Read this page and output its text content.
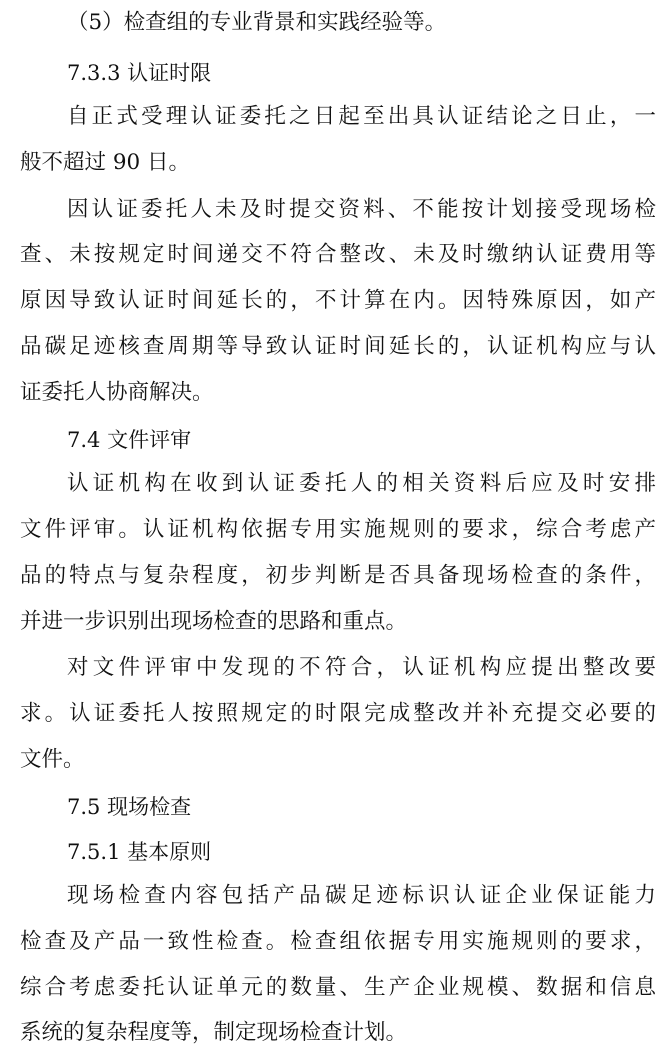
（5）检查组的专业背景和实践经验等。
7.3.3 认证时限
自正式受理认证委托之日起至出具认证结论之日止，一
般不超过 90 日。
因认证委托人未及时提交资料、不能按计划接受现场检
查、未按规定时间递交不符合整改、未及时缴纳认证费用等
原因导致认证时间延长的，不计算在内。因特殊原因，如产
品碳足迹核查周期等导致认证时间延长的，认证机构应与认
证委托人协商解决。
7.4 文件评审
认证机构在收到认证委托人的相关资料后应及时安排
文件评审。认证机构依据专用实施规则的要求，综合考虑产
品的特点与复杂程度，初步判断是否具备现场检查的条件，
并进一步识别出现场检查的思路和重点。
对文件评审中发现的不符合，认证机构应提出整改要
求。认证委托人按照规定的时限完成整改并补充提交必要的
文件。
7.5 现场检查
7.5.1 基本原则
现场检查内容包括产品碳足迹标识认证企业保证能力
检查及产品一致性检查。检查组依据专用实施规则的要求，
综合考虑委托认证单元的数量、生产企业规模、数据和信息
系统的复杂程度等，制定现场检查计划。
